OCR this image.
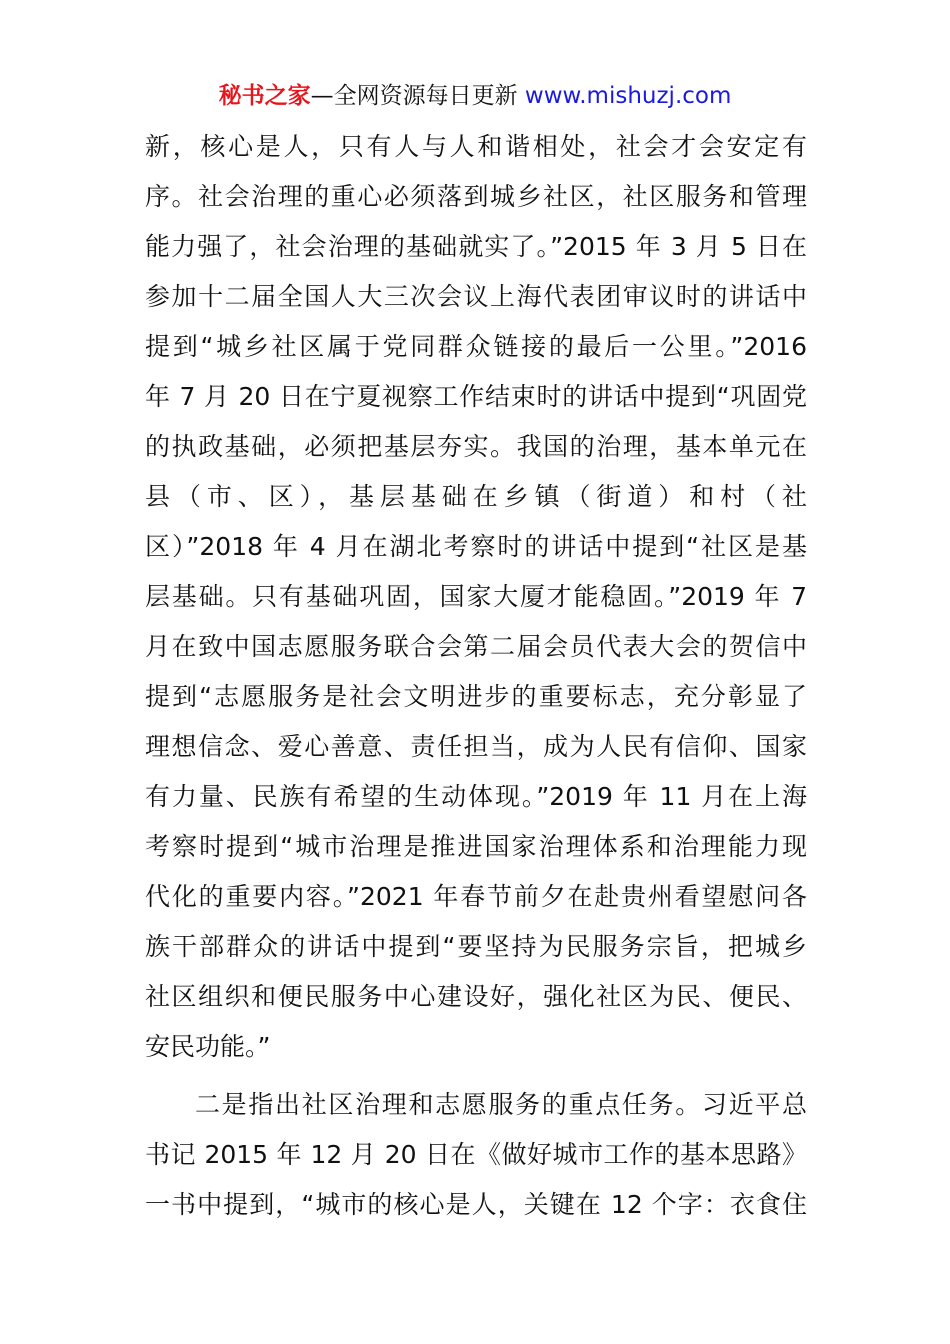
秘书之家—全网资源每日更新 www.mishuzj.com
新，核心是人，只有人与人和谐相处，社会才会安定有
序。社会治理的重心必须落到城乡社区，社区服务和管理
能力强了，社会治理的基础就实了。”2015 年 3 月 5 日在
参加十二届全国人大三次会议上海代表团审议时的讲话中
提到“城乡社区属于党同群众链接的最后一公里。”2016
年 7 月 20 日在宁夏视察工作结束时的讲话中提到“巩固党
的执政基础，必须把基层夯实。我国的治理，基本单元在
县（市、区），基层基础在乡镇（街道）和村（社
区）”2018 年 4 月在湖北考察时的讲话中提到“社区是基
层基础。只有基础巩固，国家大厦才能稳固。”2019 年 7
月在致中国志愿服务联合会第二届会员代表大会的贺信中
提到“志愿服务是社会文明进步的重要标志，充分彰显了
理想信念、爱心善意、责任担当，成为人民有信仰、国家
有力量、民族有希望的生动体现。”2019 年 11 月在上海
考察时提到“城市治理是推进国家治理体系和治理能力现
代化的重要内容。”2021 年春节前夕在赴贵州看望慰问各
族干部群众的讲话中提到“要坚持为民服务宗旨，把城乡
社区组织和便民服务中心建设好，强化社区为民、便民、
安民功能。”
二是指出社区治理和志愿服务的重点任务。习近平总
书记 2015 年 12 月 20 日在《做好城市工作的基本思路》
一书中提到，“城市的核心是人，关键在 12 个字：衣食住
